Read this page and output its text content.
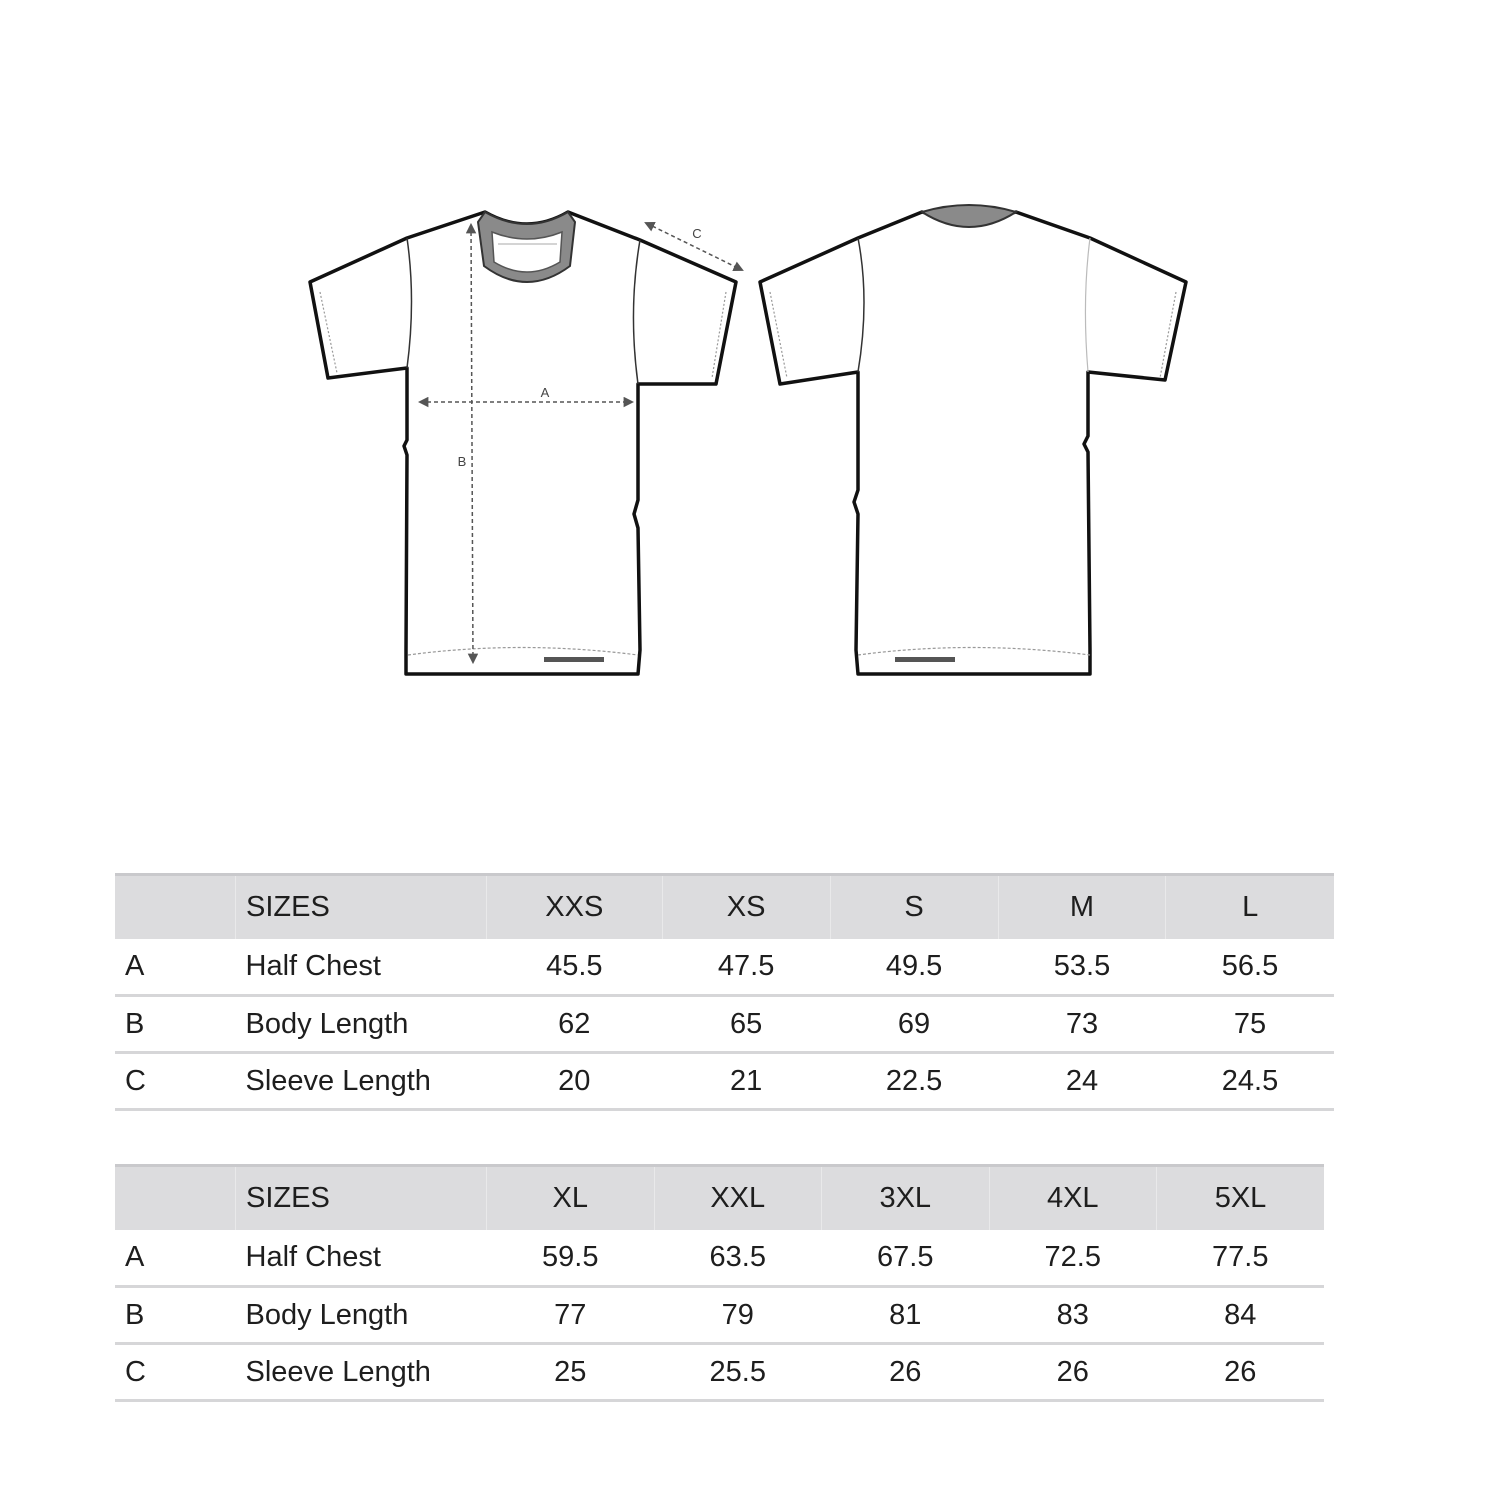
A
B
C
	SIZES	XXS	XS	S	M	L
A	Half Chest	45.5	47.5	49.5	53.5	56.5
B	Body Length	62	65	69	73	75
C	Sleeve Length	20	21	22.5	24	24.5
	SIZES	XL	XXL	3XL	4XL	5XL
A	Half Chest	59.5	63.5	67.5	72.5	77.5
B	Body Length	77	79	81	83	84
C	Sleeve Length	25	25.5	26	26	26
